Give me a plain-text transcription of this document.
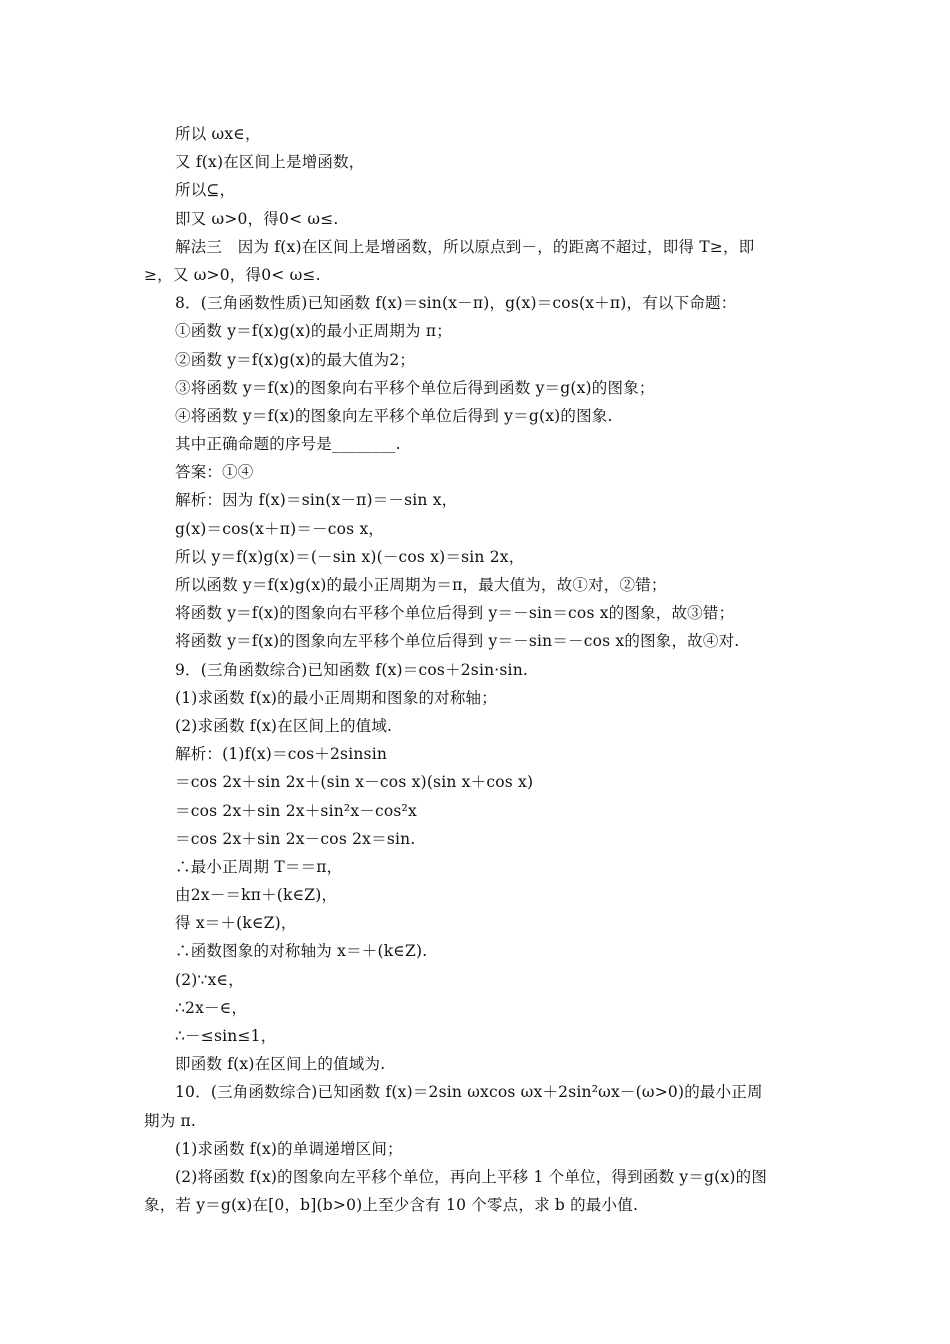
所以 ωx∈，
又 f(x)在区间上是增函数，
所以⊆，
即又 ω>0，得0< ω≤.
解法三　因为 f(x)在区间上是增函数，所以原点到－，的距离不超过，即得 T≥，即
≥，又 ω>0，得0< ω≤.
8．(三角函数性质)已知函数 f(x)＝sin(x－π)，g(x)＝cos(x＋π)，有以下命题：
①函数 y＝f(x)g(x)的最小正周期为 π；
②函数 y＝f(x)g(x)的最大值为2；
③将函数 y＝f(x)的图象向右平移个单位后得到函数 y＝g(x)的图象；
④将函数 y＝f(x)的图象向左平移个单位后得到 y＝g(x)的图象.
其中正确命题的序号是________.
答案：①④
解析：因为 f(x)＝sin(x－π)＝－sin x，
g(x)＝cos(x＋π)＝－cos x，
所以 y＝f(x)g(x)＝(－sin x)(－cos x)＝sin 2x，
所以函数 y＝f(x)g(x)的最小正周期为＝π，最大值为，故①对，②错；
将函数 y＝f(x)的图象向右平移个单位后得到 y＝－sin＝cos x的图象，故③错；
将函数 y＝f(x)的图象向左平移个单位后得到 y＝－sin＝－cos x的图象，故④对.
9．(三角函数综合)已知函数 f(x)＝cos＋2sin·sin.
(1)求函数 f(x)的最小正周期和图象的对称轴；
(2)求函数 f(x)在区间上的值域.
解析：(1)f(x)＝cos＋2sinsin
＝cos 2x＋sin 2x＋(sin x－cos x)(sin x＋cos x)
＝cos 2x＋sin 2x＋sin²x－cos²x
＝cos 2x＋sin 2x－cos 2x＝sin.
∴最小正周期 T＝＝π，
由2x－＝kπ＋(k∈Z)，
得 x＝＋(k∈Z)，
∴函数图象的对称轴为 x＝＋(k∈Z).
(2)∵x∈，
∴2x－∈，
∴－≤sin≤1，
即函数 f(x)在区间上的值域为.
10．(三角函数综合)已知函数 f(x)＝2sin ωxcos ωx＋2sin²ωx－(ω>0)的最小正周
期为 π.
(1)求函数 f(x)的单调递增区间；
(2)将函数 f(x)的图象向左平移个单位，再向上平移 1 个单位，得到函数 y＝g(x)的图
象，若 y＝g(x)在[0，b](b>0)上至少含有 10 个零点，求 b 的最小值.
